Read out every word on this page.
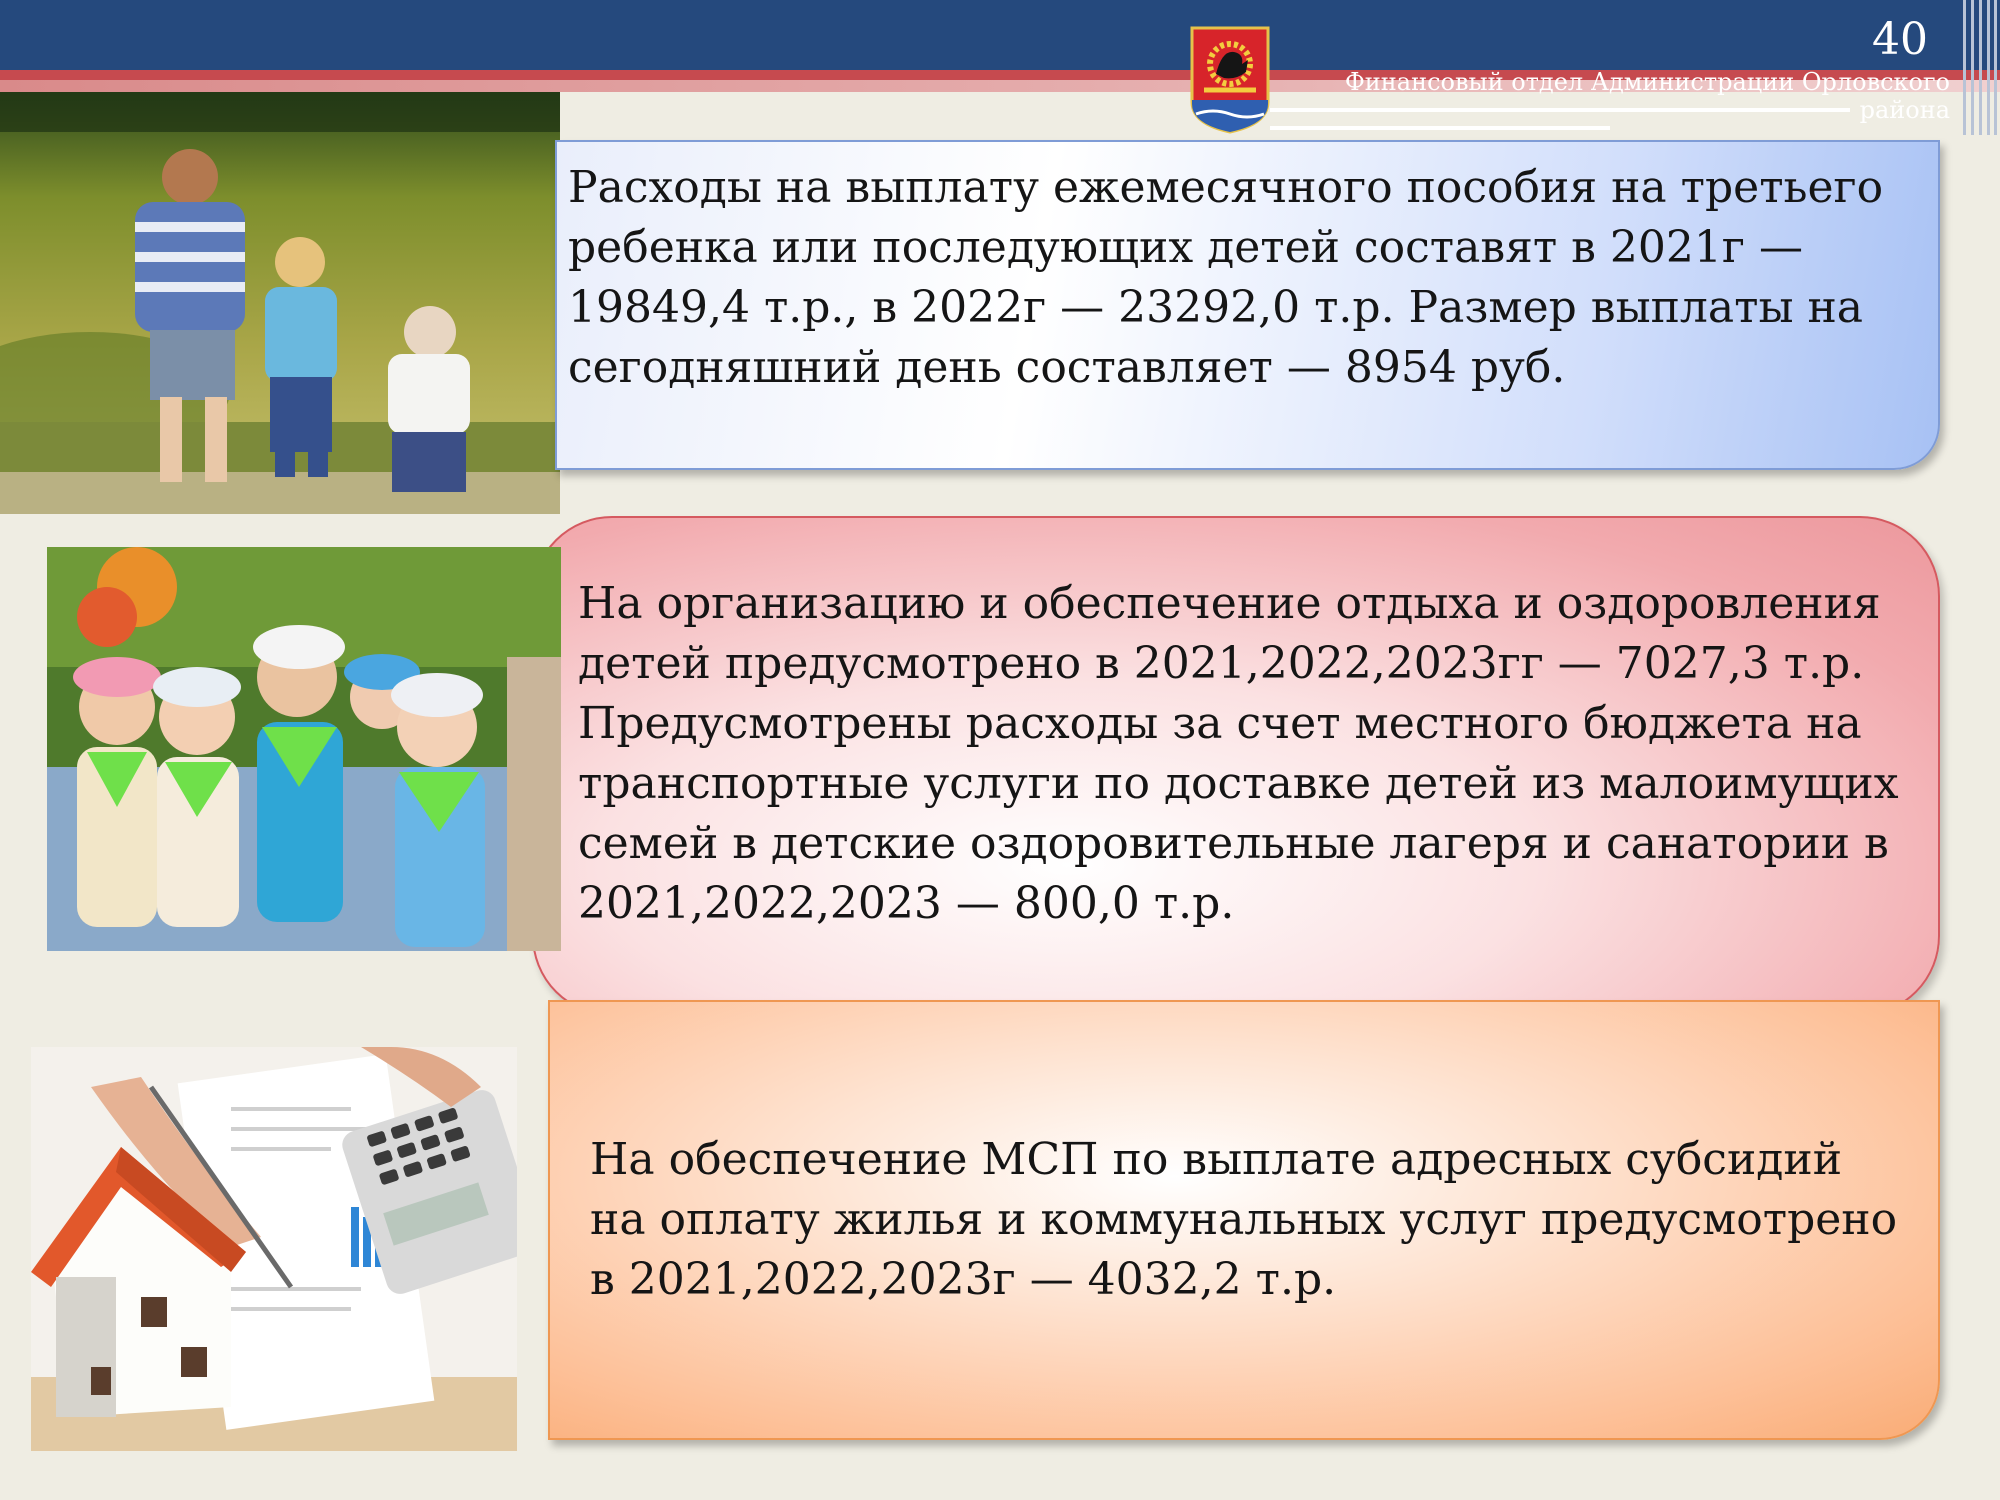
40
Финансовый отдел Администрации Орловского района
Расходы на выплату ежемесячного пособия на третьего
ребенка или последующих детей составят в 2021г —
19849,4 т.р., в 2022г — 23292,0 т.р. Размер выплаты на
сегодняшний день составляет — 8954 руб.
На организацию и обеспечение отдыха и оздоровления
детей предусмотрено в 2021,2022,2023гг — 7027,3 т.р.
Предусмотрены расходы за счет местного бюджета на
транспортные услуги по доставке детей из малоимущих
семей в детские оздоровительные лагеря и санатории в
2021,2022,2023 — 800,0 т.р.
На обеспечение МСП по выплате адресных субсидий
на оплату жилья и коммунальных услуг предусмотрено
в 2021,2022,2023г — 4032,2 т.р.
